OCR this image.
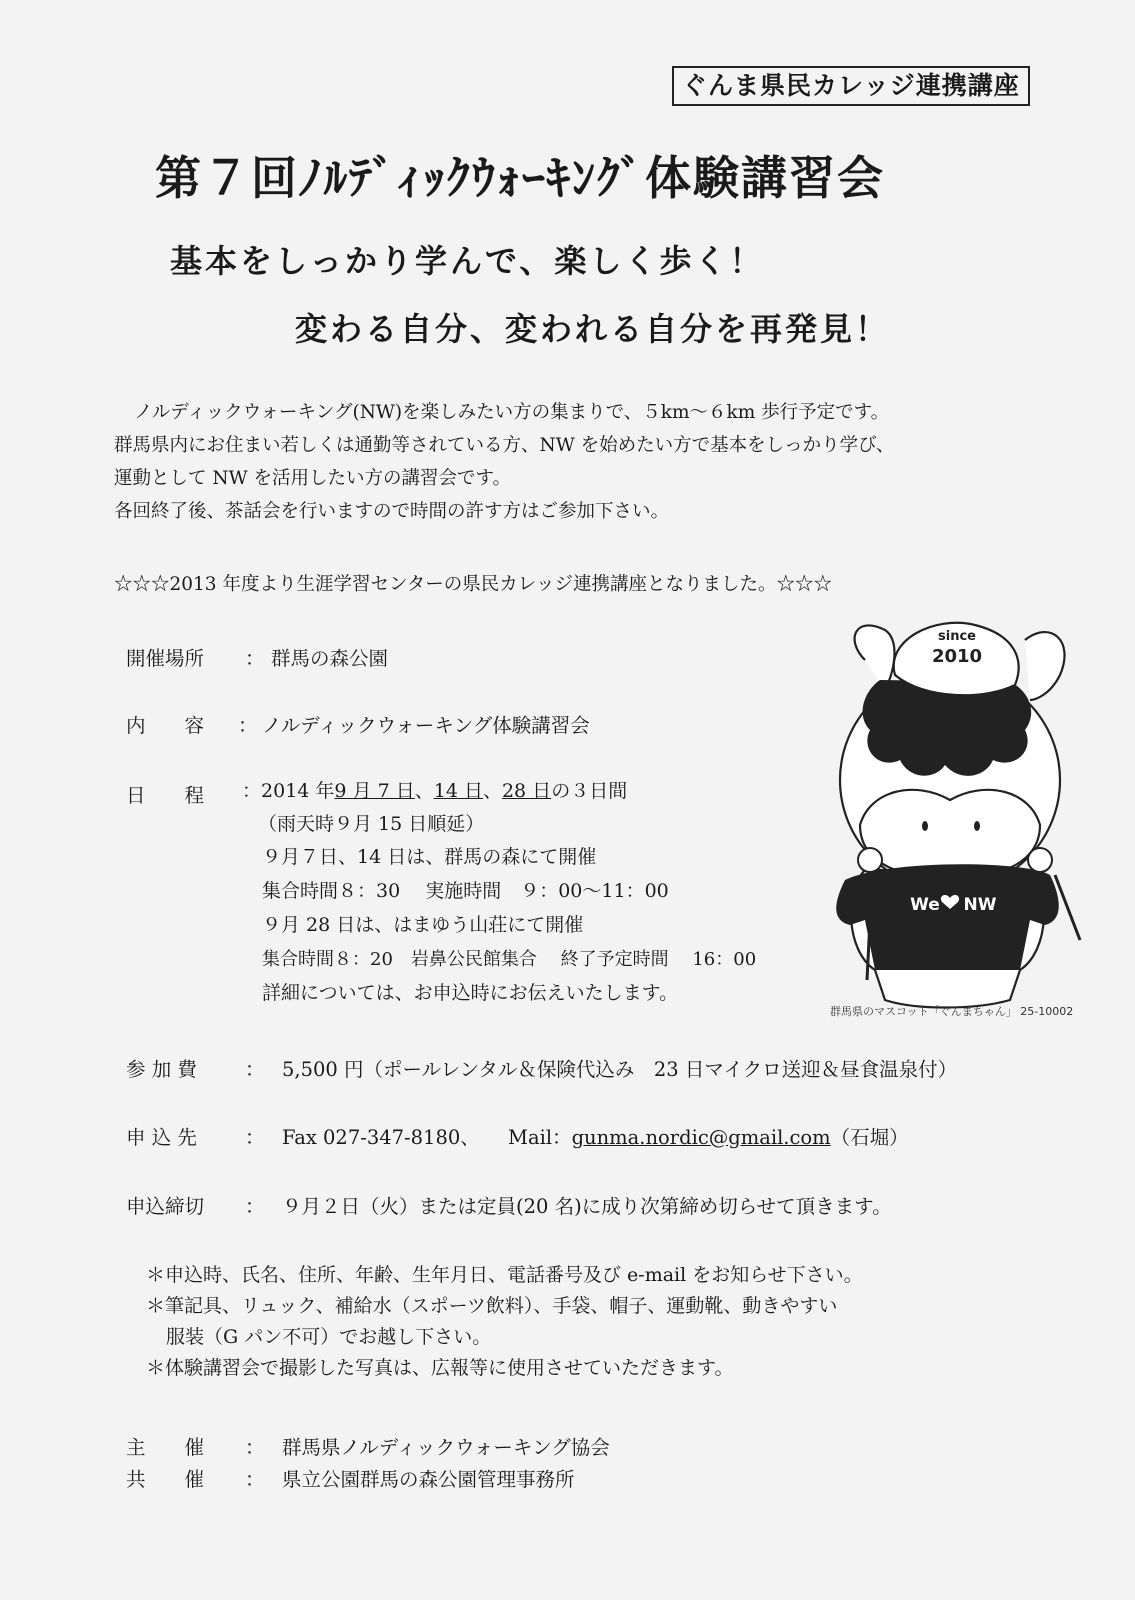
ぐんま県民カレッジ連携講座
第７回ﾉﾙﾃﾞｨｯｸｳｫｰｷﾝｸﾞ体験講習会
基本をしっかり学んで、楽しく歩く！
変わる自分、変われる自分を再発見！
ノルディックウォーキング(NW)を楽しみたい方の集まりで、５km～６km 歩行予定です。
群馬県内にお住まい若しくは通勤等されている方、NW を始めたい方で基本をしっかり学び、
運動として NW を活用したい方の講習会です。
各回終了後、茶話会を行いますので時間の許す方はご参加下さい。
☆☆☆2013 年度より生涯学習センターの県民カレッジ連携講座となりました。☆☆☆
開催場所 ： 群馬の森公園
内　　容 ： ノルディックウォーキング体験講習会
日　　程 ：2014 年9 月 7 日、14 日、28 日の３日間
（雨天時９月 15 日順延）
９月７日、14 日は、群馬の森にて開催
集合時間８：30　 実施時間　９：00～11：00
９月 28 日は、はまゆう山荘にて開催
集合時間８：20　岩鼻公民館集合　 終了予定時間　 16：00
詳細については、お申込時にお伝えいたします。
since
2010
We NW
群馬県のマスコット「ぐんまちゃん」 25-10002
参 加 費 ： 5,500 円（ポールレンタル＆保険代込み　23 日マイクロ送迎＆昼食温泉付）
申 込 先 ： Fax 027-347-8180、 Mail：gunma.nordic@gmail.com（石堀）
申込締切 ： ９月２日（火）または定員(20 名)に成り次第締め切らせて頂きます。
＊申込時、氏名、住所、年齢、生年月日、電話番号及び e-mail をお知らせ下さい。
＊筆記具、リュック、補給水（スポーツ飲料）、手袋、帽子、運動靴、動きやすい
服装（G パン不可）でお越し下さい。
＊体験講習会で撮影した写真は、広報等に使用させていただきます。
主　　催 ： 群馬県ノルディックウォーキング協会
共　　催 ： 県立公園群馬の森公園管理事務所
